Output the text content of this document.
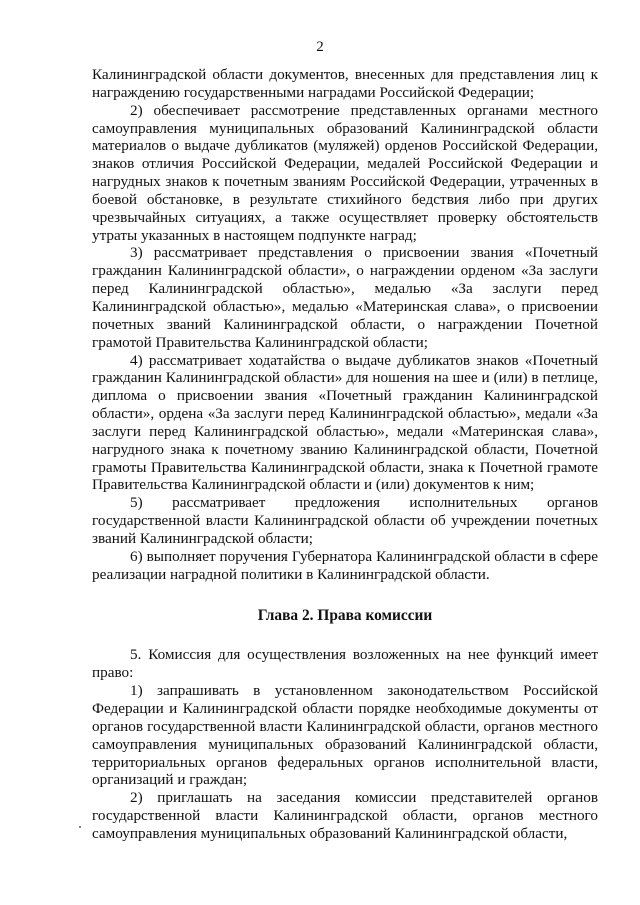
2

Калининградской области документов, внесенных для представления лиц к награждению государственными наградами Российской Федерации;

2) обеспечивает рассмотрение представленных органами местного самоуправления муниципальных образований Калининградской области материалов о выдаче дубликатов (муляжей) орденов Российской Федерации, знаков отличия Российской Федерации, медалей Российской Федерации и нагрудных знаков к почетным званиям Российской Федерации, утраченных в боевой обстановке, в результате стихийного бедствия либо при других чрезвычайных ситуациях, а также осуществляет проверку обстоятельств утраты указанных в настоящем подпункте наград;

3) рассматривает представления о присвоении звания «Почетный гражданин Калининградской области», о награждении орденом «За заслуги перед Калининградской областью», медалью «За заслуги перед Калининградской областью», медалью «Материнская слава», о присвоении почетных званий Калининградской области, о награждении Почетной грамотой Правительства Калининградской области;

4) рассматривает ходатайства о выдаче дубликатов знаков «Почетный гражданин Калининградской области» для ношения на шее и (или) в петлице, диплома о присвоении звания «Почетный гражданин Калининградской области», ордена «За заслуги перед Калининградской областью», медали «За заслуги перед Калининградской областью», медали «Материнская слава», нагрудного знака к почетному званию Калининградской области, Почетной грамоты Правительства Калининградской области, знака к Почетной грамоте Правительства Калининградской области и (или) документов к ним;

5) рассматривает предложения исполнительных органов государственной власти Калининградской области об учреждении почетных званий Калининградской области;

6) выполняет поручения Губернатора Калининградской области в сфере реализации наградной политики в Калининградской области.

Глава 2. Права комиссии

5. Комиссия для осуществления возложенных на нее функций имеет право:

1) запрашивать в установленном законодательством Российской Федерации и Калининградской области порядке необходимые документы от органов государственной власти Калининградской области, органов местного самоуправления муниципальных образований Калининградской области, территориальных органов федеральных органов исполнительной власти, организаций и граждан;

2) приглашать на заседания комиссии представителей органов государственной власти Калининградской области, органов местного самоуправления муниципальных образований Калининградской области,
